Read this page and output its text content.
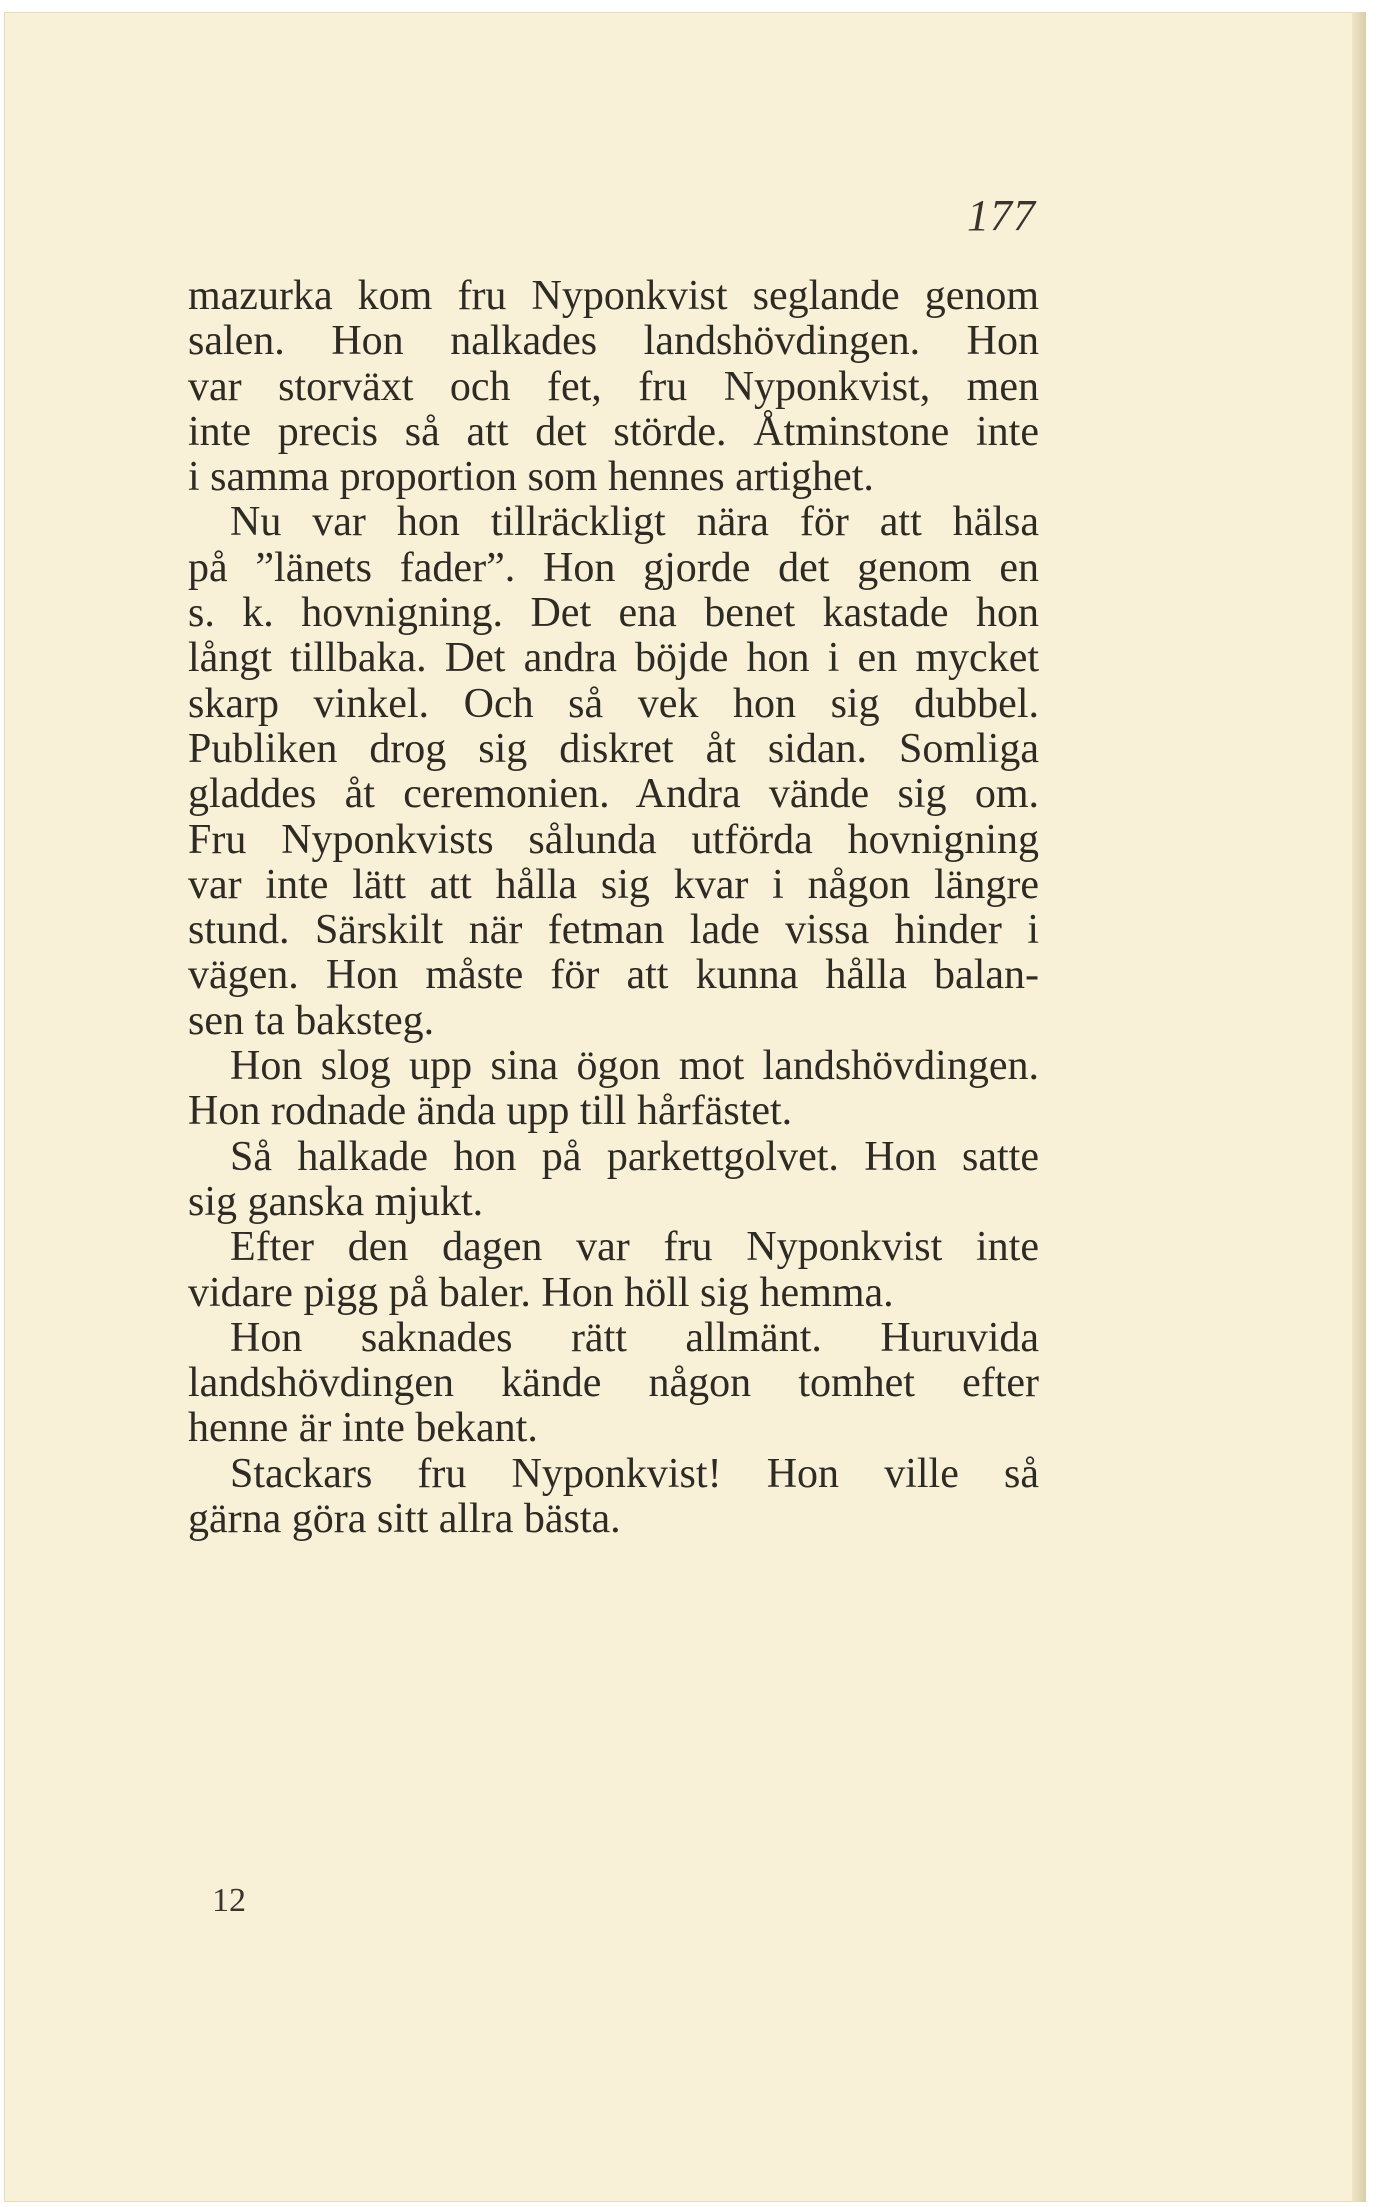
177
mazurka kom fru Nyponkvist seglande genom
salen. Hon nalkades landshövdingen. Hon
var storväxt och fet, fru Nyponkvist, men
inte precis så att det störde. Åtminstone inte
i samma proportion som hennes artighet.
Nu var hon tillräckligt nära för att hälsa
på ”länets fader”. Hon gjorde det genom en
s. k. hovnigning. Det ena benet kastade hon
långt tillbaka. Det andra böjde hon i en mycket
skarp vinkel. Och så vek hon sig dubbel.
Publiken drog sig diskret åt sidan. Somliga
gladdes åt ceremonien. Andra vände sig om.
Fru Nyponkvists sålunda utförda hovnigning
var inte lätt att hålla sig kvar i någon längre
stund. Särskilt när fetman lade vissa hinder i
vägen. Hon måste för att kunna hålla balan-
sen ta baksteg.
Hon slog upp sina ögon mot landshövdingen.
Hon rodnade ända upp till hårfästet.
Så halkade hon på parkettgolvet. Hon satte
sig ganska mjukt.
Efter den dagen var fru Nyponkvist inte
vidare pigg på baler. Hon höll sig hemma.
Hon saknades rätt allmänt. Huruvida
landshövdingen kände någon tomhet efter
henne är inte bekant.
Stackars fru Nyponkvist! Hon ville så
gärna göra sitt allra bästa.
12
